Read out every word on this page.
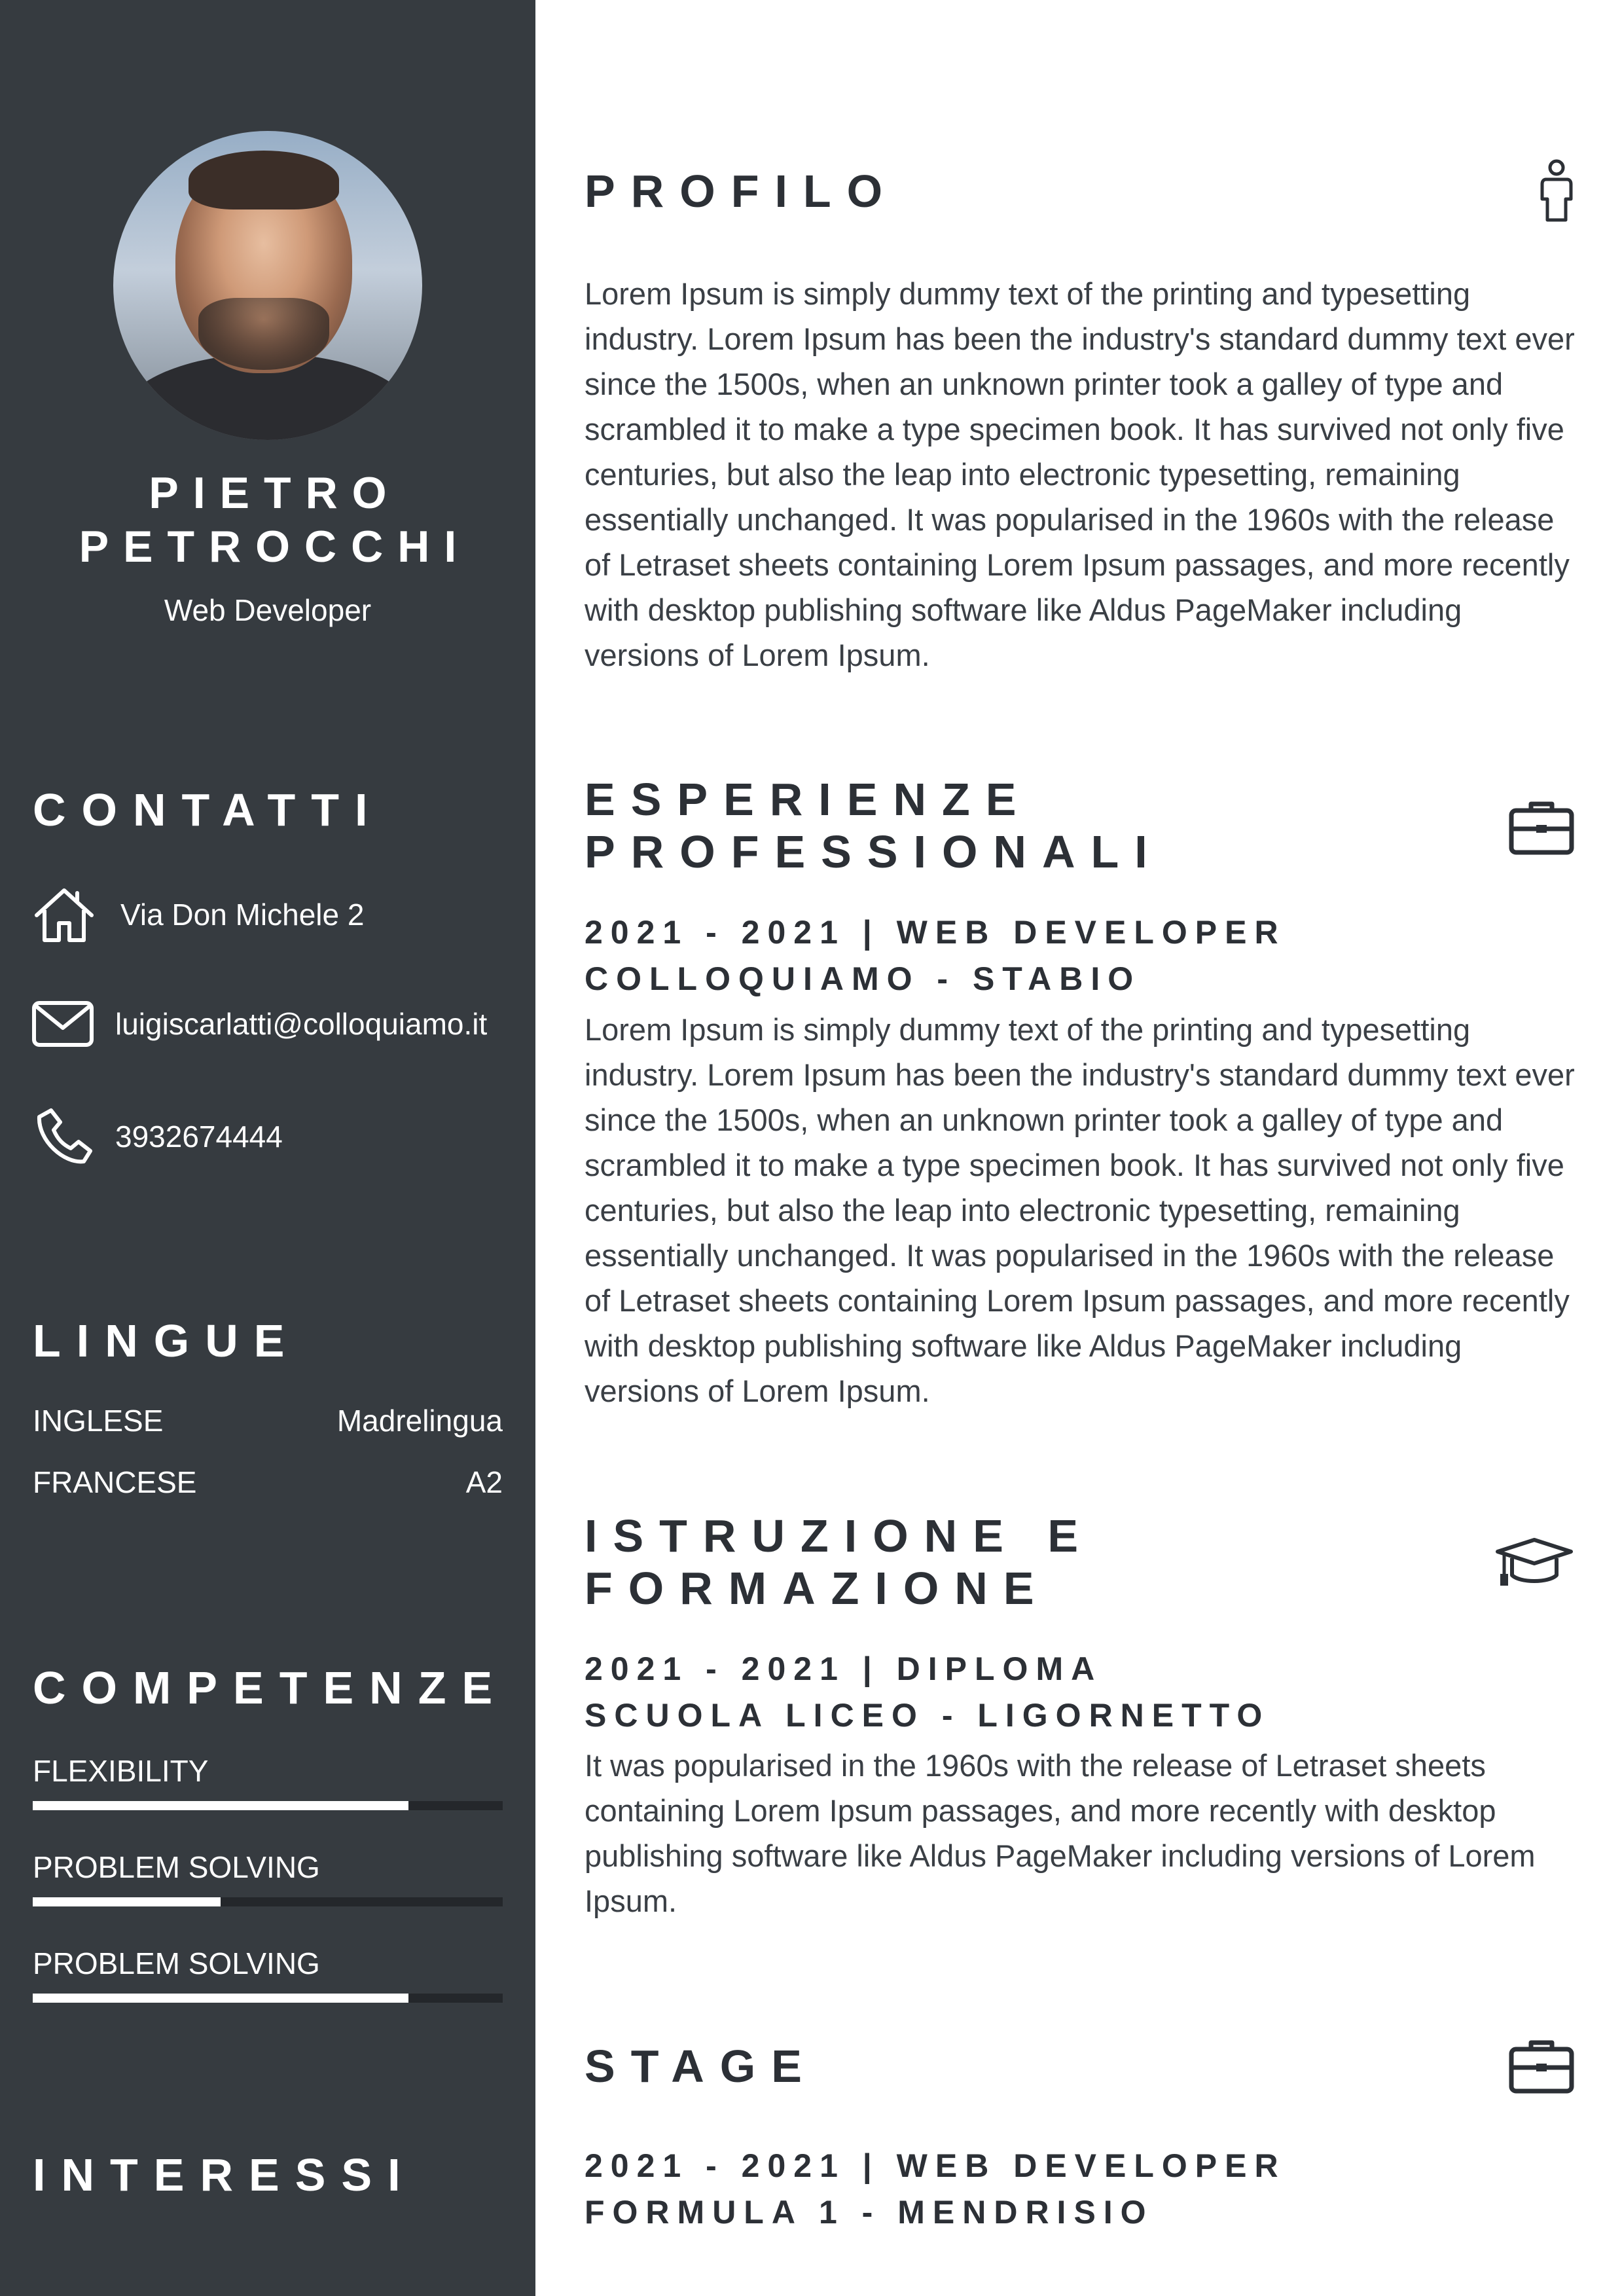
PIETRO
PETROCCHI
Web Developer
CONTATTI
Via Don Michele 2
luigiscarlatti@colloquiamo.it
3932674444
LINGUE
INGLESE	Madrelingua
FRANCESE	A2
COMPETENZE
FLEXIBILITY
PROBLEM SOLVING
PROBLEM SOLVING
INTERESSI
PROFILO

Lorem Ipsum is simply dummy text of the printing and typesetting industry. Lorem Ipsum has been the industry's standard dummy text ever since the 1500s, when an unknown printer took a galley of type and scrambled it to make a type specimen book. It has survived not only five centuries, but also the leap into electronic typesetting, remaining essentially unchanged. It was popularised in the 1960s with the release of Letraset sheets containing Lorem Ipsum passages, and more recently with desktop publishing software like Aldus PageMaker including versions of Lorem Ipsum.

ESPERIENZE
PROFESSIONALI
2021 - 2021 | WEB DEVELOPER
COLLOQUIAMO - STABIO

Lorem Ipsum is simply dummy text of the printing and typesetting industry. Lorem Ipsum has been the industry's standard dummy text ever since the 1500s, when an unknown printer took a galley of type and scrambled it to make a type specimen book. It has survived not only five centuries, but also the leap into electronic typesetting, remaining essentially unchanged. It was popularised in the 1960s with the release of Letraset sheets containing Lorem Ipsum passages, and more recently with desktop publishing software like Aldus PageMaker including versions of Lorem Ipsum.

ISTRUZIONE E
FORMAZIONE
2021 - 2021 | DIPLOMA
SCUOLA LICEO - LIGORNETTO

It was popularised in the 1960s with the release of Letraset sheets containing Lorem Ipsum passages, and more recently with desktop publishing software like Aldus PageMaker including versions of Lorem Ipsum.

STAGE
2021 - 2021 | WEB DEVELOPER
FORMULA 1 - MENDRISIO
